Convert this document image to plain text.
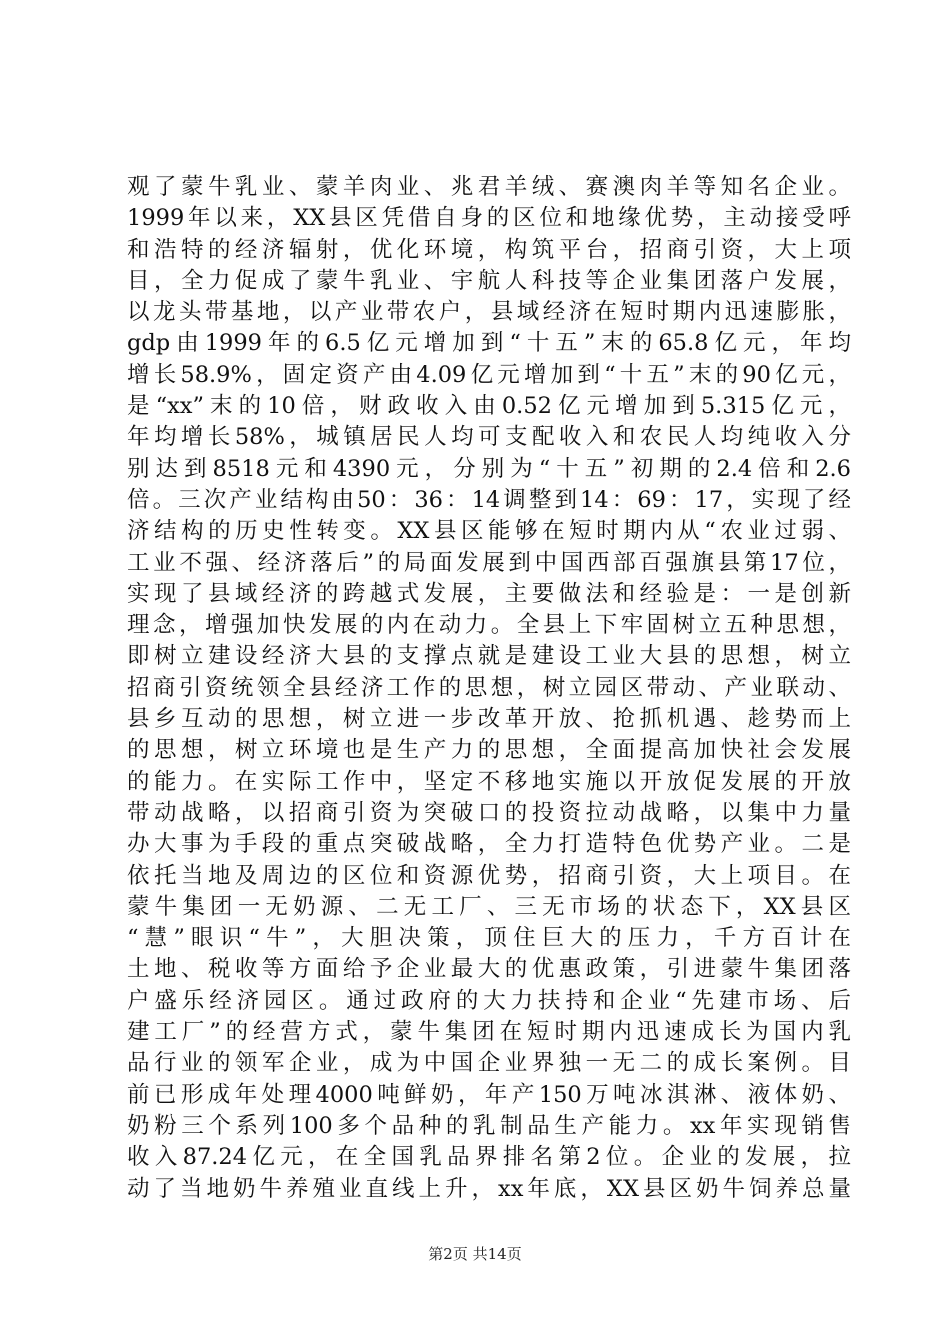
观了蒙牛乳业、蒙羊肉业、兆君羊绒、赛澳肉羊等知名企业。
1999年以来，XX县区凭借自身的区位和地缘优势，主动接受呼
和浩特的经济辐射，优化环境，构筑平台，招商引资，大上项
目，全力促成了蒙牛乳业、宇航人科技等企业集团落户发展，
以龙头带基地，以产业带农户，县域经济在短时期内迅速膨胀，
gdp由1999年的6.5亿元增加到“十五”末的65.8亿元，年均
增长58.9%，固定资产由4.09亿元增加到“十五”末的90亿元，
是“xx”末的10倍，财政收入由0.52亿元增加到5.315亿元，
年均增长58%，城镇居民人均可支配收入和农民人均纯收入分
别达到8518元和4390元，分别为“十五”初期的2.4倍和2.6
倍。三次产业结构由50：36：14调整到14：69：17，实现了经
济结构的历史性转变。XX县区能够在短时期内从“农业过弱、
工业不强、经济落后”的局面发展到中国西部百强旗县第17位，
实现了县域经济的跨越式发展，主要做法和经验是：一是创新
理念，增强加快发展的内在动力。全县上下牢固树立五种思想，
即树立建设经济大县的支撑点就是建设工业大县的思想，树立
招商引资统领全县经济工作的思想，树立园区带动、产业联动、
县乡互动的思想，树立进一步改革开放、抢抓机遇、趁势而上
的思想，树立环境也是生产力的思想，全面提高加快社会发展
的能力。在实际工作中，坚定不移地实施以开放促发展的开放
带动战略，以招商引资为突破口的投资拉动战略，以集中力量
办大事为手段的重点突破战略，全力打造特色优势产业。二是
依托当地及周边的区位和资源优势，招商引资，大上项目。在
蒙牛集团一无奶源、二无工厂、三无市场的状态下，XX县区
“慧”眼识“牛”，大胆决策，顶住巨大的压力，千方百计在
土地、税收等方面给予企业最大的优惠政策，引进蒙牛集团落
户盛乐经济园区。通过政府的大力扶持和企业“先建市场、后
建工厂”的经营方式，蒙牛集团在短时期内迅速成长为国内乳
品行业的领军企业，成为中国企业界独一无二的成长案例。目
前已形成年处理4000吨鲜奶，年产150万吨冰淇淋、液体奶、
奶粉三个系列100多个品种的乳制品生产能力。xx年实现销售
收入87.24亿元，在全国乳品界排名第2位。企业的发展，拉
动了当地奶牛养殖业直线上升，xx年底，XX县区奶牛饲养总量
第2页 共14页
